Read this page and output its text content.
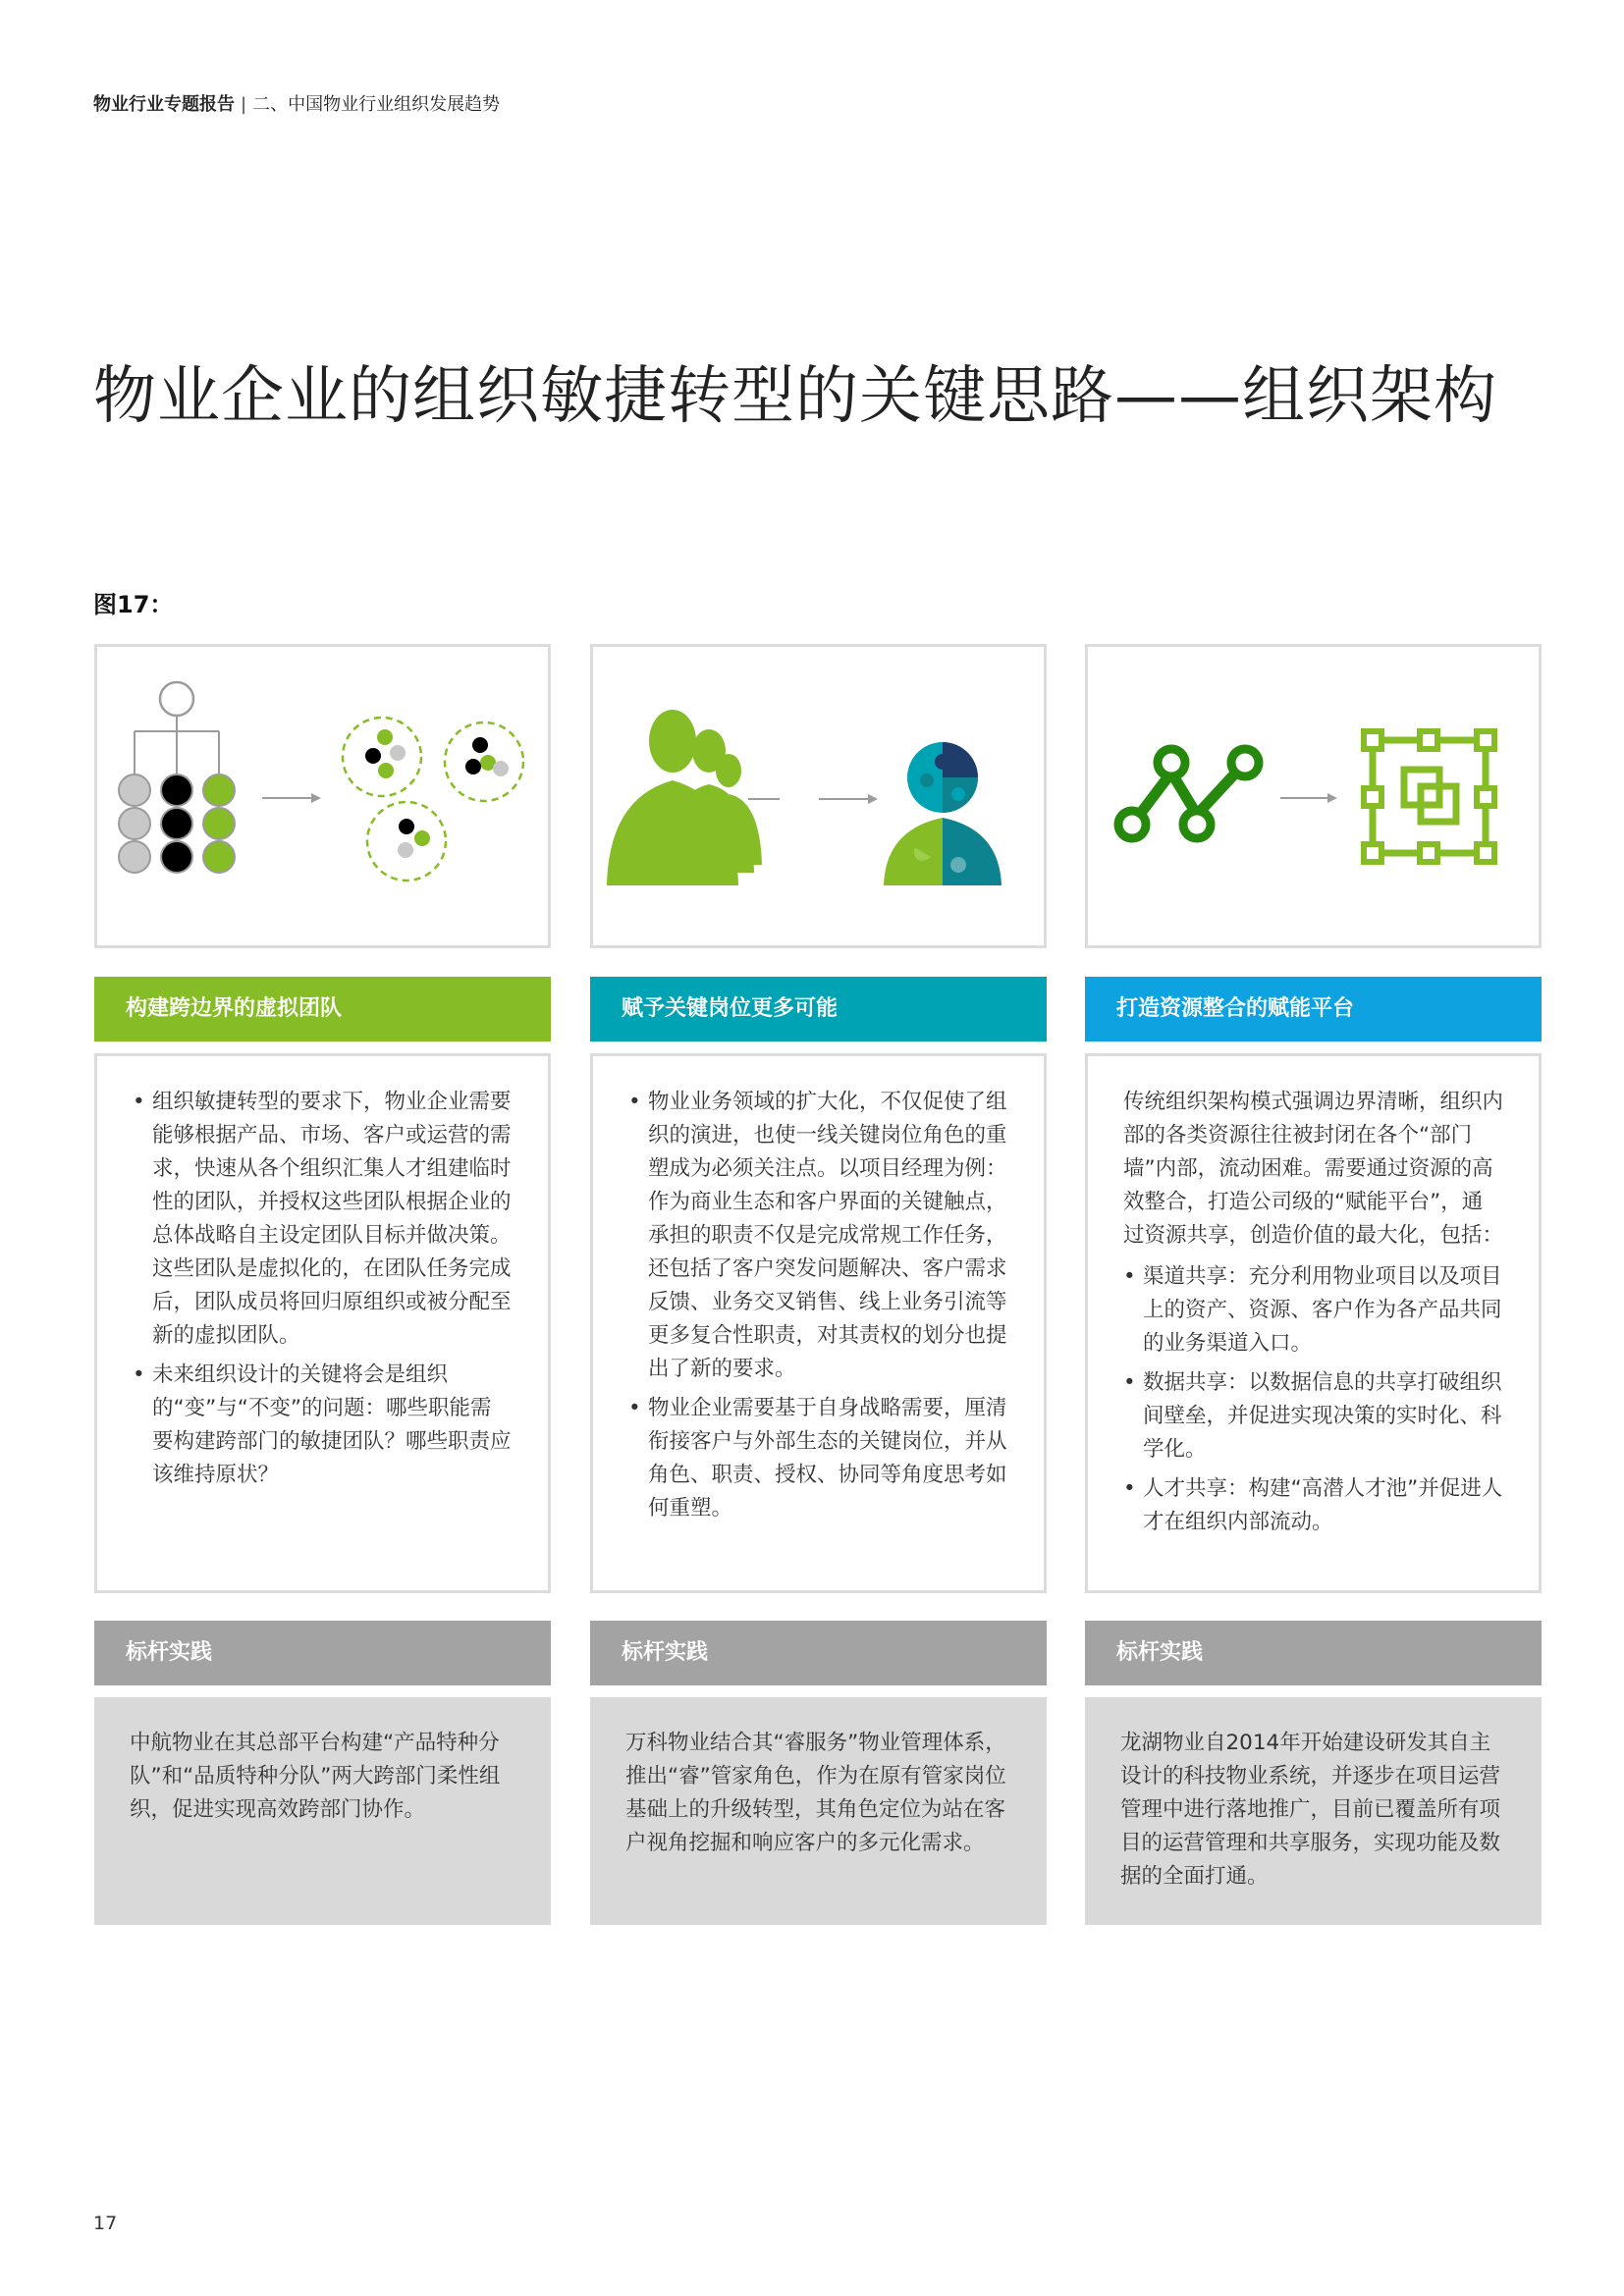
物业行业专题报告 | 二、中国物业行业组织发展趋势
物业企业的组织敏捷转型的关键思路——组织架构
图17：
构建跨边界的虚拟团队
• 组织敏捷转型的要求下，物业企业需要能够根据产品、市场、客户或运营的需求，快速从各个组织汇集人才组建临时性的团队，并授权这些团队根据企业的总体战略自主设定团队目标并做决策。这些团队是虚拟化的，在团队任务完成后，团队成员将回归原组织或被分配至新的虚拟团队。
• 未来组织设计的关键将会是组织的“变”与“不变”的问题：哪些职能需要构建跨部门的敏捷团队？哪些职责应该维持原状？
标杆实践
中航物业在其总部平台构建“产品特种分队”和“品质特种分队”两大跨部门柔性组织，促进实现高效跨部门协作。
赋予关键岗位更多可能
• 物业业务领域的扩大化，不仅促使了组织的演进，也使一线关键岗位角色的重塑成为必须关注点。以项目经理为例：作为商业生态和客户界面的关键触点，承担的职责不仅是完成常规工作任务，还包括了客户突发问题解决、客户需求反馈、业务交叉销售、线上业务引流等更多复合性职责，对其责权的划分也提出了新的要求。
• 物业企业需要基于自身战略需要，厘清衔接客户与外部生态的关键岗位，并从角色、职责、授权、协同等角度思考如何重塑。
标杆实践
万科物业结合其“睿服务”物业管理体系，推出“睿”管家角色，作为在原有管家岗位基础上的升级转型，其角色定位为站在客户视角挖掘和响应客户的多元化需求。
打造资源整合的赋能平台

传统组织架构模式强调边界清晰，组织内部的各类资源往往被封闭在各个“部门墙”内部，流动困难。需要通过资源的高效整合，打造公司级的“赋能平台”，通过资源共享，创造价值的最大化，包括：

• 渠道共享：充分利用物业项目以及项目上的资产、资源、客户作为各产品共同的业务渠道入口。
• 数据共享：以数据信息的共享打破组织间壁垒，并促进实现决策的实时化、科学化。
• 人才共享：构建“高潜人才池”并促进人才在组织内部流动。
标杆实践
龙湖物业自2014年开始建设研发其自主设计的科技物业系统，并逐步在项目运营管理中进行落地推广，目前已覆盖所有项目的运营管理和共享服务，实现功能及数据的全面打通。
17
